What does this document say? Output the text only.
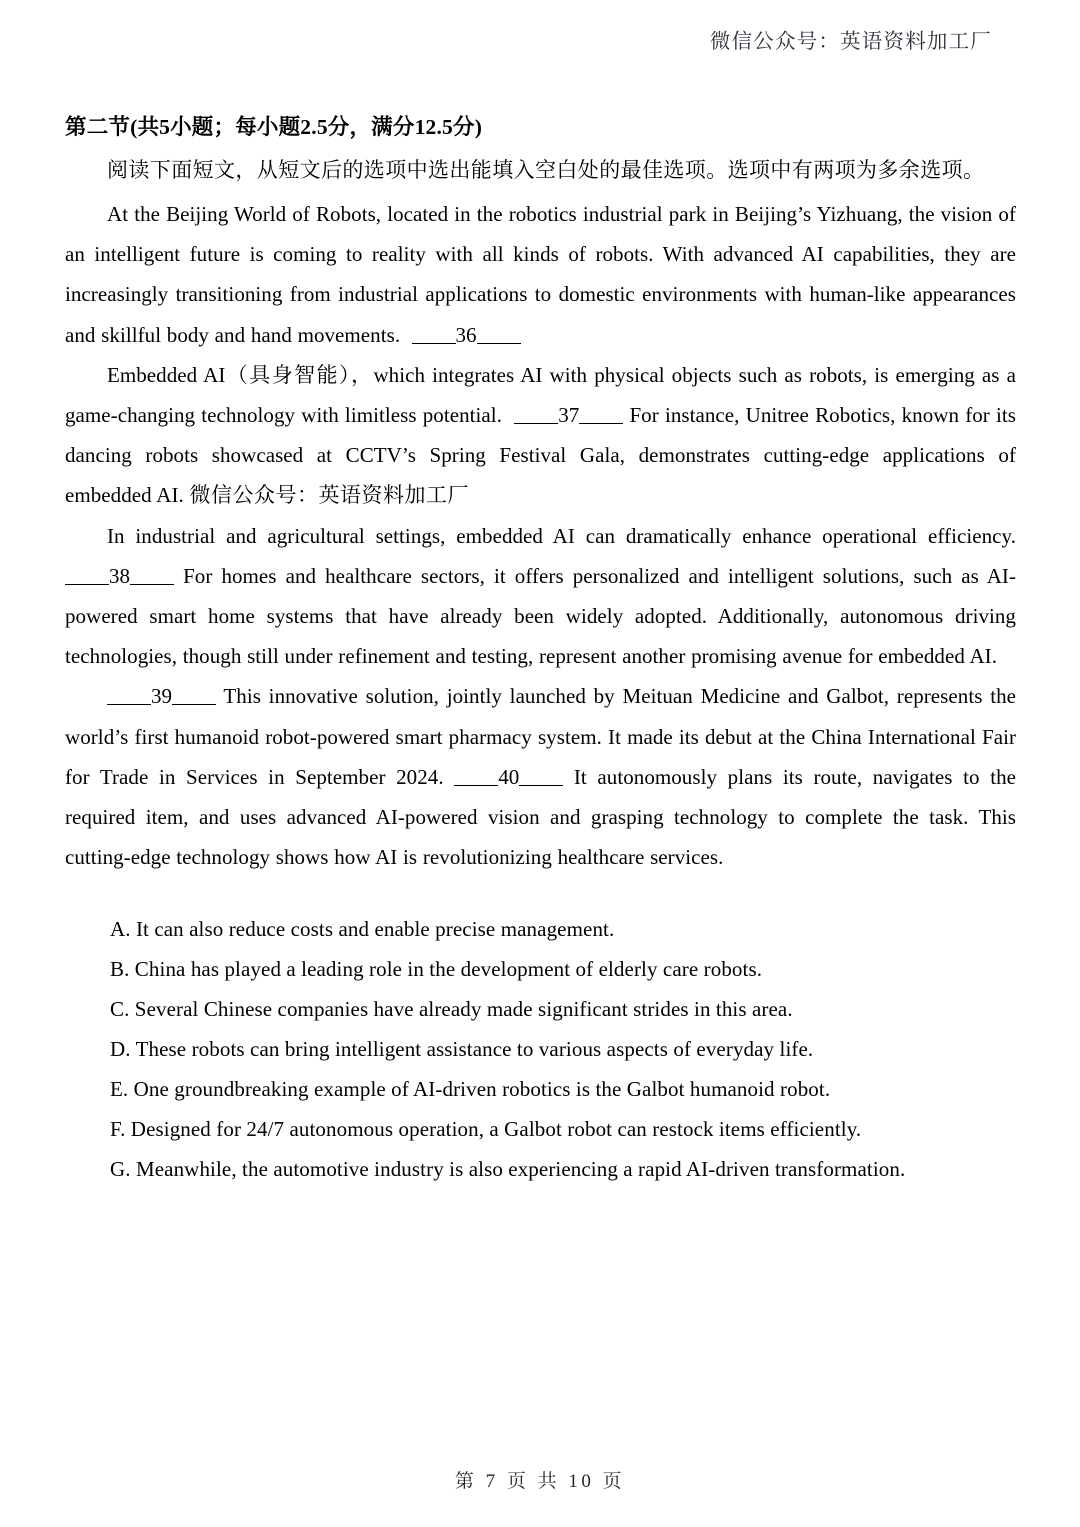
微信公众号：英语资料加工厂
第二节(共5小题；每小题2.5分，满分12.5分)
阅读下面短文，从短文后的选项中选出能填入空白处的最佳选项。选项中有两项为多余选项。

At the Beijing World of Robots, located in the robotics industrial park in Beijing’s Yizhuang, the vision of an intelligent future is coming to reality with all kinds of robots. With advanced AI capabilities, they are increasingly transitioning from industrial applications to domestic environments with human-like appearances and skillful body and hand movements.	36

Embedded AI（具身智能），which integrates AI with physical objects such as robots, is emerging as a game-changing technology with limitless potential.	37 For instance, Unitree Robotics, known for its dancing robots showcased at CCTV’s Spring Festival Gala, demonstrates cutting-edge applications of embedded AI. 微信公众号：英语资料加工厂

In industrial and agricultural settings, embedded AI can dramatically enhance operational efficiency. 38	For homes and healthcare sectors, it offers personalized and intelligent solutions, such as AI-powered smart home systems that have already been widely adopted. Additionally, autonomous driving technologies, though still under refinement and testing, represent another promising avenue for embedded AI.

39 This innovative solution, jointly launched by Meituan Medicine and Galbot, represents the world’s first humanoid robot-powered smart pharmacy system. It made its debut at the China International Fair for Trade in Services in September 2024.	40	It autonomously plans its route, navigates to the required item, and uses advanced AI-powered vision and grasping technology to complete the task. This cutting-edge technology shows how AI is revolutionizing healthcare services.

A. It can also reduce costs and enable precise management.
B. China has played a leading role in the development of elderly care robots.
C. Several Chinese companies have already made significant strides in this area.
D. These robots can bring intelligent assistance to various aspects of everyday life.
E. One groundbreaking example of AI-driven robotics is the Galbot humanoid robot.
F. Designed for 24/7 autonomous operation, a Galbot robot can restock items efficiently.
G. Meanwhile, the automotive industry is also experiencing a rapid AI-driven transformation.
第 7 页 共 10 页
